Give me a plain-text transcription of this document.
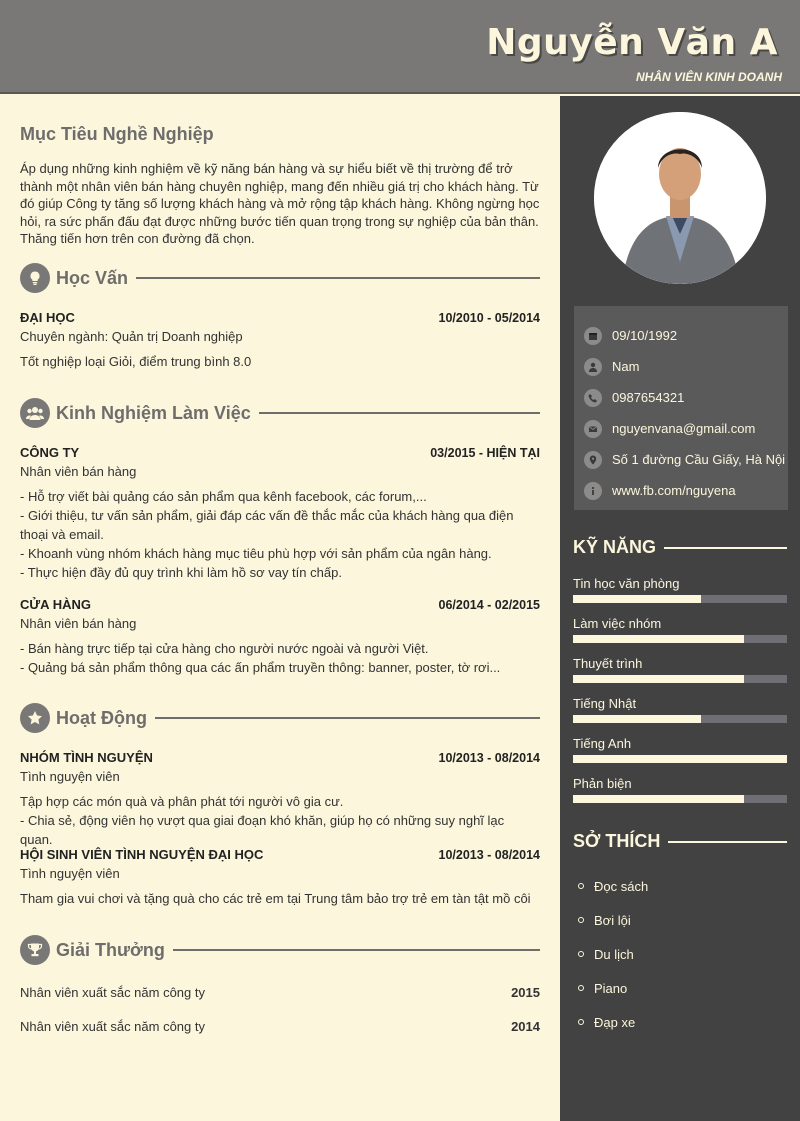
Nguyễn Văn A
NHÂN VIÊN KINH DOANH
Mục Tiêu Nghề Nghiệp
Áp dụng những kinh nghiệm về kỹ năng bán hàng và sự hiểu biết về thị trường để trở thành một nhân viên bán hàng chuyên nghiệp, mang đến nhiều giá trị cho khách hàng. Từ đó giúp Công ty tăng số lượng khách hàng và mở rộng tập khách hàng. Không ngừng học hỏi, ra sức phấn đấu đạt được những bước tiến quan trọng trong sự nghiệp của bản thân. Thăng tiến hơn trên con đường đã chọn.
Học Vấn
ĐẠI HỌC	10/2010 - 05/2014
Chuyên ngành: Quản trị Doanh nghiệp
Tốt nghiệp loại Giỏi, điểm trung bình 8.0
Kinh Nghiệm Làm Việc
CÔNG TY	03/2015 - HIỆN TẠI
Nhân viên bán hàng
- Hỗ trợ viết bài quảng cáo sản phẩm qua kênh facebook, các forum,...
- Giới thiệu, tư vấn sản phẩm, giải đáp các vấn đề thắc mắc của khách hàng qua điện thoại và email.
- Khoanh vùng nhóm khách hàng mục tiêu phù hợp với sản phẩm của ngân hàng.
- Thực hiện đầy đủ quy trình khi làm hồ sơ vay tín chấp.
CỬA HÀNG	06/2014 - 02/2015
Nhân viên bán hàng
- Bán hàng trực tiếp tại cửa hàng cho người nước ngoài và người Việt.
- Quảng bá sản phẩm thông qua các ấn phẩm truyền thông: banner, poster, tờ rơi...
Hoạt Động
NHÓM TÌNH NGUYỆN	10/2013 - 08/2014
Tình nguyện viên
Tập hợp các món quà và phân phát tới người vô gia cư.
- Chia sẻ, động viên họ vượt qua giai đoạn khó khăn, giúp họ có những suy nghĩ lạc quan.
HỘI SINH VIÊN TÌNH NGUYỆN ĐẠI HỌC	10/2013 - 08/2014
Tình nguyện viên
Tham gia vui chơi và tặng quà cho các trẻ em tại Trung tâm bảo trợ trẻ em tàn tật mồ côi
Giải Thưởng
Nhân viên xuất sắc năm công ty	2015
Nhân viên xuất sắc năm công ty	2014
09/10/1992
Nam
0987654321
nguyenvana@gmail.com
Số 1 đường Cầu Giấy, Hà Nội
www.fb.com/nguyena
KỸ NĂNG
Tin học văn phòng
Làm việc nhóm
Thuyết trình
Tiếng Nhật
Tiếng Anh
Phản biện
SỞ THÍCH
Đọc sách
Bơi lội
Du lịch
Piano
Đạp xe
